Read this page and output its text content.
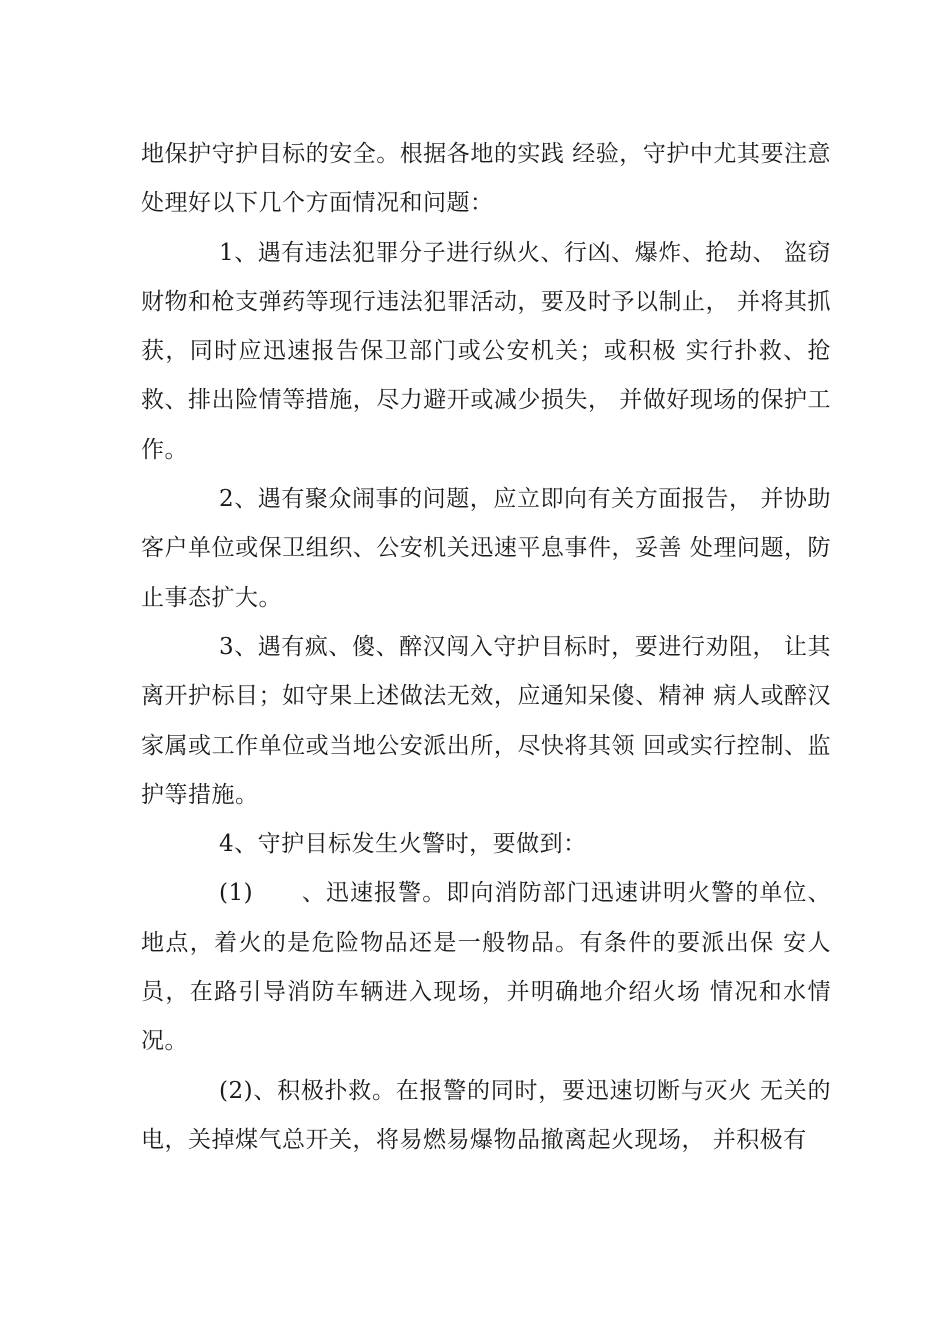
地保护守护目标的安全。根据各地的实践 经验，守护中尤其要注意处理好以下几个方面情况和问题：

1、遇有违法犯罪分子进行纵火、行凶、爆炸、抢劫、 盗窃财物和枪支弹药等现行违法犯罪活动，要及时予以制止， 并将其抓获，同时应迅速报告保卫部门或公安机关；或积极 实行扑救、抢救、排出险情等措施，尽力避开或减少损失， 并做好现场的保护工作。

2、遇有聚众闹事的问题，应立即向有关方面报告， 并协助客户单位或保卫组织、公安机关迅速平息事件，妥善 处理问题，防止事态扩大。

3、遇有疯、傻、醉汉闯入守护目标时，要进行劝阻， 让其离开护标目；如守果上述做法无效，应通知呆傻、精神 病人或醉汉家属或工作单位或当地公安派出所，尽快将其领 回或实行控制、监护等措施。

4、守护目标发生火警时，要做到：

(1)　　、迅速报警。即向消防部门迅速讲明火警的单位、地点，着火的是危险物品还是一般物品。有条件的要派出保 安人员，在路引导消防车辆进入现场，并明确地介绍火场 情况和水情况。

(2)、积极扑救。在报警的同时，要迅速切断与灭火 无关的电，关掉煤气总开关，将易燃易爆物品撤离起火现场， 并积极有
